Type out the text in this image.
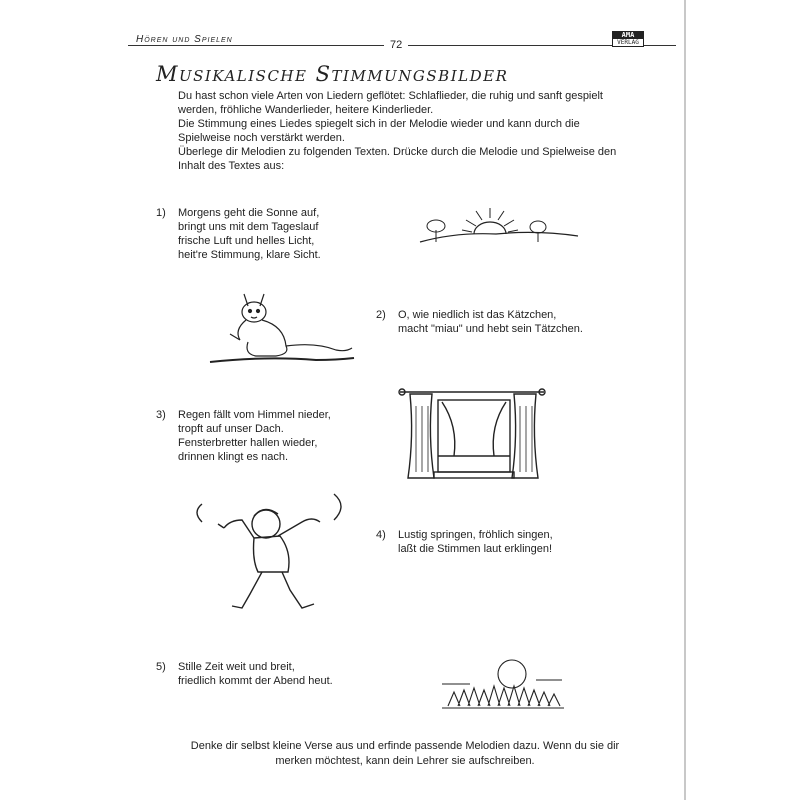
Hören und Spielen	72
AMA
VERLAG
Musikalische Stimmungsbilder

Du hast schon viele Arten von Liedern geflötet: Schlaflieder, die ruhig und sanft gespielt

werden, fröhliche Wanderlieder, heitere Kinderlieder.

Die Stimmung eines Liedes spiegelt sich in der Melodie wieder und kann durch die

Spielweise noch verstärkt werden.

Überlege dir Melodien zu folgenden Texten. Drücke durch die Melodie und Spielweise den

Inhalt des Textes aus:

1) Morgens geht die Sonne auf,
bringt uns mit dem Tageslauf
frische Luft und helles Licht,
heit're Stimmung, klare Sicht.
2) O, wie niedlich ist das Kätzchen,
macht "miau" und hebt sein Tätzchen.
3) Regen fällt vom Himmel nieder,
tropft auf unser Dach.
Fensterbretter hallen wieder,
drinnen klingt es nach.
4) Lustig springen, fröhlich singen,
laßt die Stimmen laut erklingen!
5) Stille Zeit weit und breit,
friedlich kommt der Abend heut.
Denke dir selbst kleine Verse aus und erfinde passende Melodien dazu. Wenn du sie dir
merken möchtest, kann dein Lehrer sie aufschreiben.
